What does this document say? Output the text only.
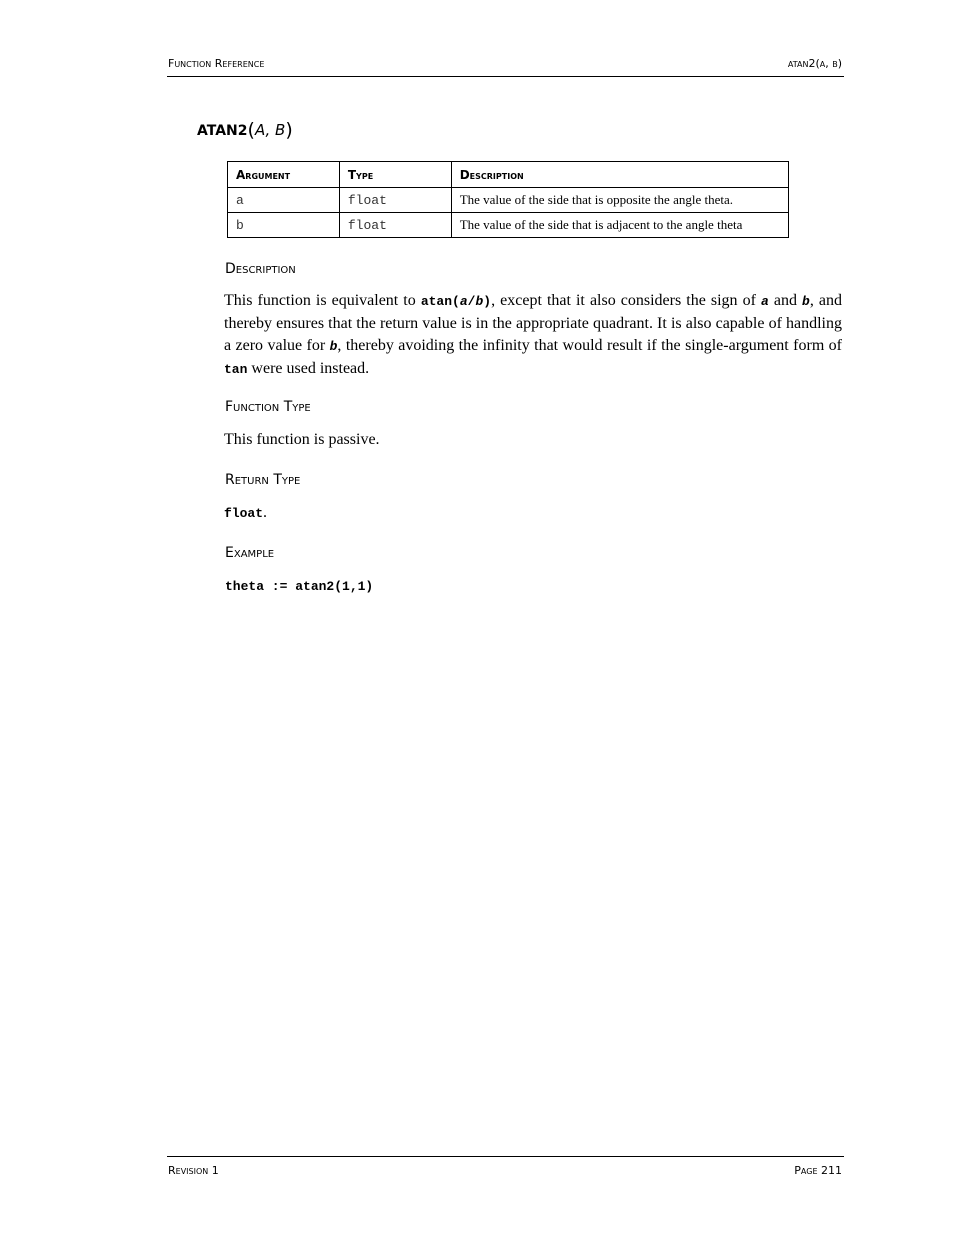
Function Reference	atan2(a, b)
ATAN2(A, B)
Argument	Type	Description
a	float	The value of the side that is opposite the angle theta.
b	float	The value of the side that is adjacent to the angle theta
Description
This function is equivalent to atan(a/b), except that it also considers the sign of a and b, and thereby ensures that the return value is in the appropriate quadrant. It is also capable of handling a zero value for b, thereby avoiding the infinity that would result if the single-argument form of tan were used instead.
Function Type
This function is passive.
Return Type
float.
Example
theta := atan2(1,1)
Revision 1	Page 211
